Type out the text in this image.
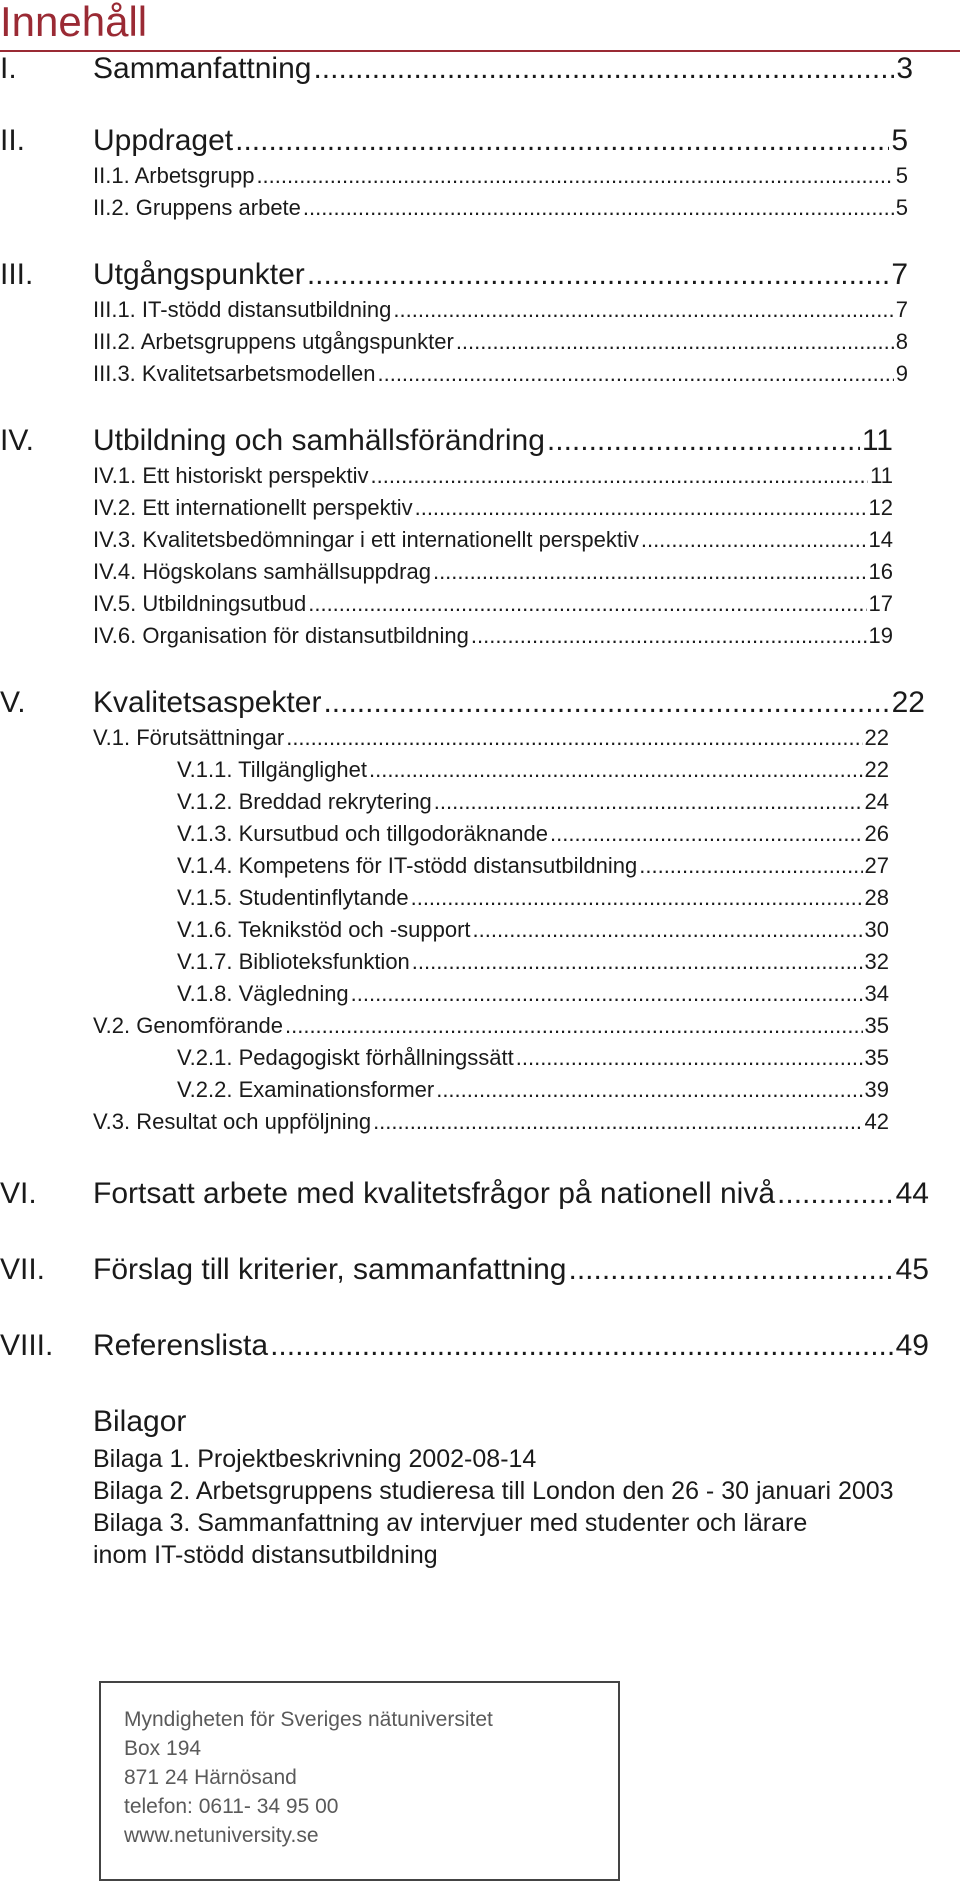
Innehåll
I.	Sammanfattning .....	3
II. Uppdraget .....	5
II.1. Arbetsgrupp .....	5
II.2. Gruppens arbete .....	5
III. Utgångspunkter .....	7
III.1. IT-stödd distansutbildning .....	7
III.2. Arbetsgruppens utgångspunkter .....	8
III.3. Kvalitetsarbetsmodellen .....	9
IV. Utbildning och samhällsförändring .....	11
IV.1. Ett historiskt perspektiv .....	11
IV.2. Ett internationellt perspektiv .....	12
IV.3. Kvalitetsbedömningar i ett internationellt perspektiv .....	14
IV.4. Högskolans samhällsuppdrag .....	16
IV.5. Utbildningsutbud .....	17
IV.6. Organisation för distansutbildning .....	19
V. Kvalitetsaspekter .....	22
V.1. Förutsättningar .....	22
V.1.1. Tillgänglighet .....	22
V.1.2. Breddad rekrytering .....	24
V.1.3. Kursutbud och tillgodoräknande .....	26
V.1.4. Kompetens för IT-stödd distansutbildning .....	27
V.1.5. Studentinflytande .....	28
V.1.6. Teknikstöd och -support .....	30
V.1.7. Biblioteksfunktion .....	32
V.1.8. Vägledning .....	34
V.2. Genomförande .....	35
V.2.1. Pedagogiskt förhållningssätt .....	35
V.2.2. Examinationsformer .....	39
V.3. Resultat och uppföljning .....	42
VI. Fortsatt arbete med kvalitetsfrågor på nationell nivå .....	44
VII. Förslag till kriterier, sammanfattning .....	45
VIII. Referenslista .....	49
Bilagor
Bilaga 1. Projektbeskrivning 2002-08-14
Bilaga 2. Arbetsgruppens studieresa till London den 26 - 30 januari 2003
Bilaga 3. Sammanfattning av intervjuer med studenter och lärare
inom IT-stödd distansutbildning
Myndigheten för Sveriges nätuniversitet
Box 194
871 24 Härnösand
telefon: 0611- 34 95 00
www.netuniversity.se
